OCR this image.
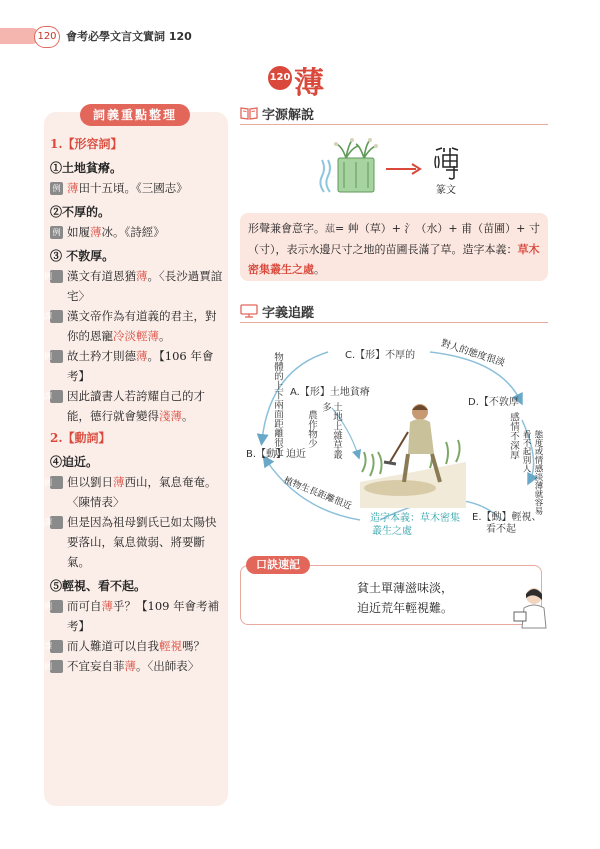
120 會考必學文言文實詞 120
120 薄
詞義重點整理
1.【形容詞】
①土地貧瘠。
例 薄田十五頃。《三國志》
②不厚的。
例 如履薄冰。《詩經》
③ 不敦厚。
例 漢文有道恩猶薄。〈長沙過賈誼宅〉
譯 漢文帝作為有道義的君主，對你的恩寵冷淡輕薄。
例 故土矜才則德薄。【106 年會考】
譯 因此讀書人若誇耀自己的才能，德行就會變得淺薄。
2.【動詞】
④迫近。
例 但以劉日薄西山，氣息奄奄。〈陳情表〉
譯 但是因為祖母劉氏已如太陽快要落山，氣息微弱、將要斷氣。
⑤輕視、看不起。
例 而可自薄乎？【109 年會考補考】
譯 而人難道可以自我輕視嗎？
例 不宜妄自菲薄。〈出師表〉
字源解說
篆文
形聲兼會意字。𦸈= 艸（草）+ 氵（水）+ 甫（苗圃）+ 寸（寸），表示水邊尺寸之地的苗圃長滿了草。造字本義：草木密集叢生之處。
字義追蹤
C.【形】不厚的
A.【形】土地貧瘠
D.【不敦厚
B.【動】迫近
E.【動】輕視、
看不起
對人的態度很淡
物體的上下兩面距離很近	感情不深厚
土地上雜草叢多
農作物少
植物生長距離很近	態度或情感淡薄就容易看不起別人
造字本義：草木密集
叢生之處
口訣速記
貧土單薄滋味淡，
迫近荒年輕視難。
